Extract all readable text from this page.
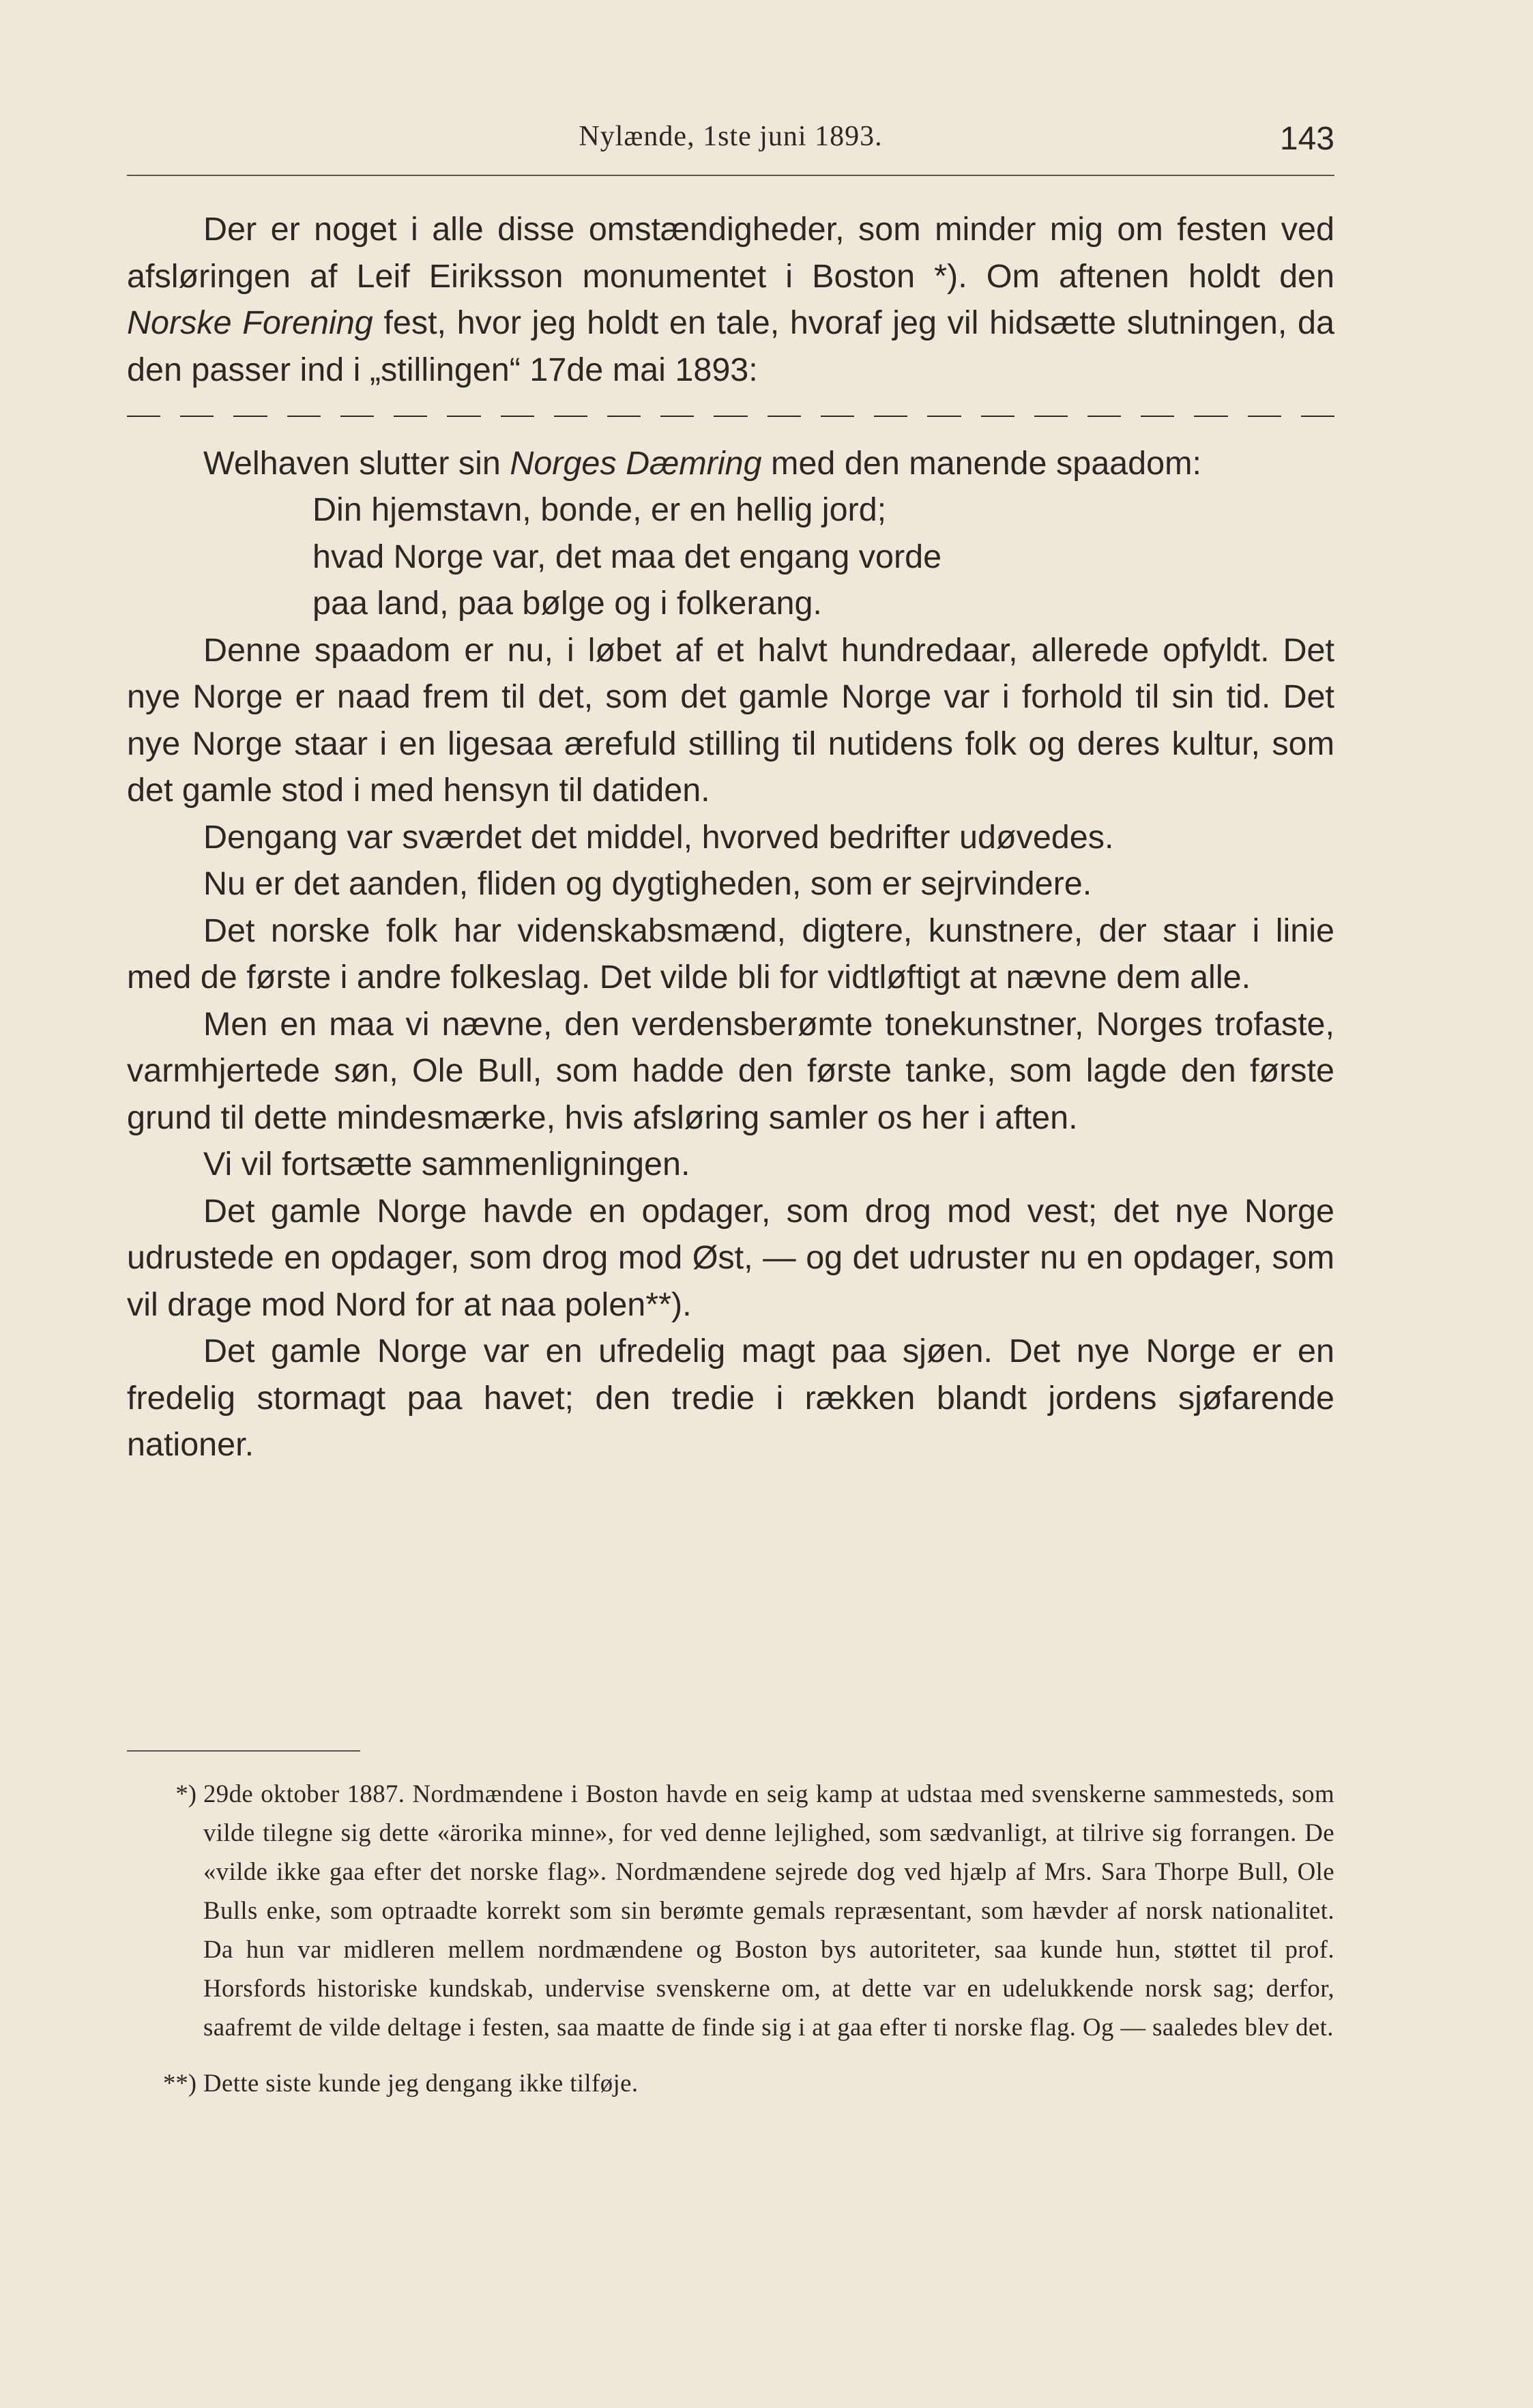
Nylænde, 1ste juni 1893.	143

Der er noget i alle disse omstændigheder, som minder mig om festen ved afsløringen af Leif Eiriksson monumentet i Boston *). Om aftenen holdt den Norske Forening fest, hvor jeg holdt en tale, hvoraf jeg vil hidsætte slutningen, da den passer ind i „stillingen“ 17de mai 1893:

Welhaven slutter sin Norges Dæmring med den manende spaadom:

Din hjemstavn, bonde, er en hellig jord;
hvad Norge var, det maa det engang vorde
paa land, paa bølge og i folkerang.

Denne spaadom er nu, i løbet af et halvt hundredaar, allerede opfyldt. Det nye Norge er naad frem til det, som det gamle Norge var i forhold til sin tid. Det nye Norge staar i en ligesaa ærefuld stilling til nutidens folk og deres kultur, som det gamle stod i med hensyn til datiden.

Dengang var sværdet det middel, hvorved bedrifter udøvedes.

Nu er det aanden, fliden og dygtigheden, som er sejrvindere.

Det norske folk har videnskabsmænd, digtere, kunstnere, der staar i linie med de første i andre folkeslag. Det vilde bli for vidtløftigt at nævne dem alle.

Men en maa vi nævne, den verdensberømte tonekunstner, Norges trofaste, varmhjertede søn, Ole Bull, som hadde den første tanke, som lagde den første grund til dette mindesmærke, hvis afsløring samler os her i aften.

Vi vil fortsætte sammenligningen.

Det gamle Norge havde en opdager, som drog mod vest; det nye Norge udrustede en opdager, som drog mod Øst, — og det udruster nu en opdager, som vil drage mod Nord for at naa polen**).

Det gamle Norge var en ufredelig magt paa sjøen. Det nye Norge er en fredelig stormagt paa havet; den tredie i rækken blandt jordens sjøfarende nationer.

*) 29de oktober 1887. Nordmændene i Boston havde en seig kamp at udstaa med svenskerne sammesteds, som vilde tilegne sig dette «ärorika minne», for ved denne lejlighed, som sædvanligt, at tilrive sig forrangen. De «vilde ikke gaa efter det norske flag». Nordmændene sejrede dog ved hjælp af Mrs. Sara Thorpe Bull, Ole Bulls enke, som optraadte korrekt som sin berømte gemals repræsentant, som hævder af norsk nationalitet. Da hun var midleren mellem nordmændene og Boston bys autoriteter, saa kunde hun, støttet til prof. Horsfords historiske kundskab, undervise svenskerne om, at dette var en udelukkende norsk sag; derfor, saafremt de vilde deltage i festen, saa maatte de finde sig i at gaa efter ti norske flag. Og — saaledes blev det.
**) Dette siste kunde jeg dengang ikke tilføje.
